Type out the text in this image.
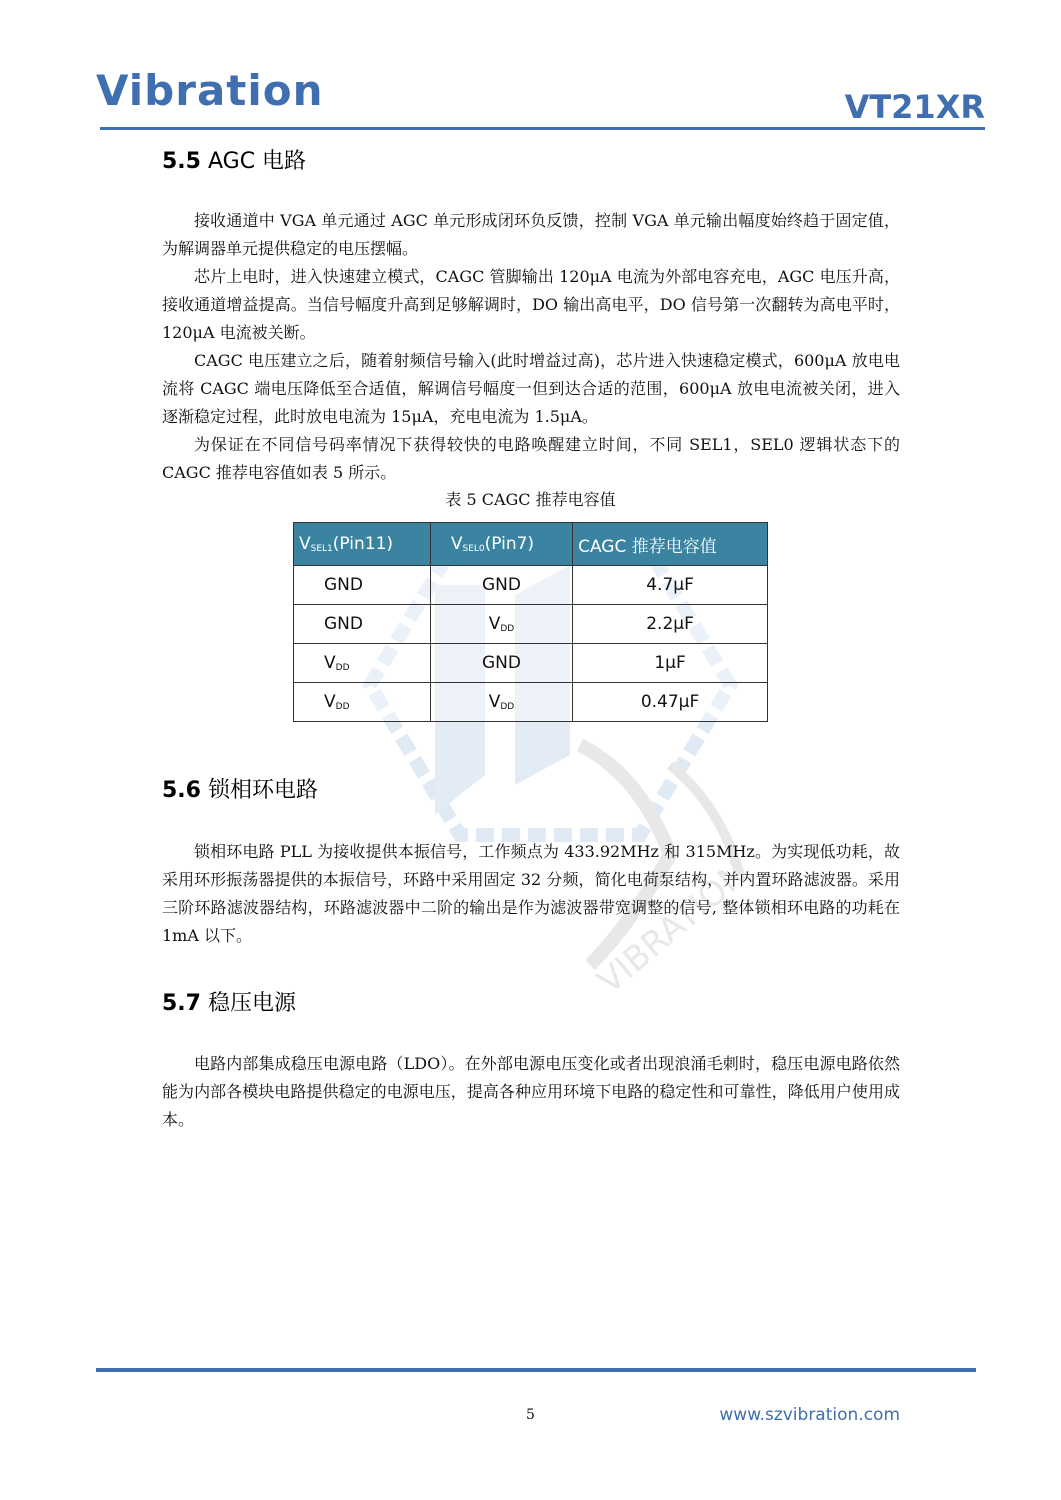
Vibration	VT21XR
VIBRATION
5.5 AGC 电路

接收通道中 VGA 单元通过 AGC 单元形成闭环负反馈，控制 VGA 单元输出幅度始终趋于固定值，为解调器单元提供稳定的电压摆幅。

芯片上电时，进入快速建立模式，CAGC 管脚输出 120μA 电流为外部电容充电，AGC 电压升高，接收通道增益提高。当信号幅度升高到足够解调时，DO 输出高电平，DO 信号第一次翻转为高电平时，120μA 电流被关断。

CAGC 电压建立之后，随着射频信号输入(此时增益过高)，芯片进入快速稳定模式，600μA 放电电流将 CAGC 端电压降低至合适值，解调信号幅度一但到达合适的范围，600μA 放电电流被关闭，进入逐渐稳定过程，此时放电电流为 15μA，充电电流为 1.5μA。

为保证在不同信号码率情况下获得较快的电路唤醒建立时间，不同 SEL1，SEL0 逻辑状态下的 CAGC 推荐电容值如表 5 所示。

表 5 CAGC 推荐电容值
$V_{SEL1}(Pin11)$	$V_{SEL0}(Pin7)$	CAGC 推荐电容值
GND	GND	4.7μF
GND	$V_{DD}$	2.2μF
$V_{DD}$	GND	1μF
$V_{DD}$	$V_{DD}$	0.47μF
5.6 锁相环电路

锁相环电路 PLL 为接收提供本振信号，工作频点为 433.92MHz 和 315MHz。为实现低功耗，故采用环形振荡器提供的本振信号，环路中采用固定 32 分频，简化电荷泵结构，并内置环路滤波器。采用三阶环路滤波器结构，环路滤波器中二阶的输出是作为滤波器带宽调整的信号, 整体锁相环电路的功耗在 1mA 以下。

5.7 稳压电源

电路内部集成稳压电源电路（LDO）。在外部电源电压变化或者出现浪涌毛刺时，稳压电源电路依然能为内部各模块电路提供稳定的电源电压，提高各种应用环境下电路的稳定性和可靠性，降低用户使用成本。

5	www.szvibration.com
